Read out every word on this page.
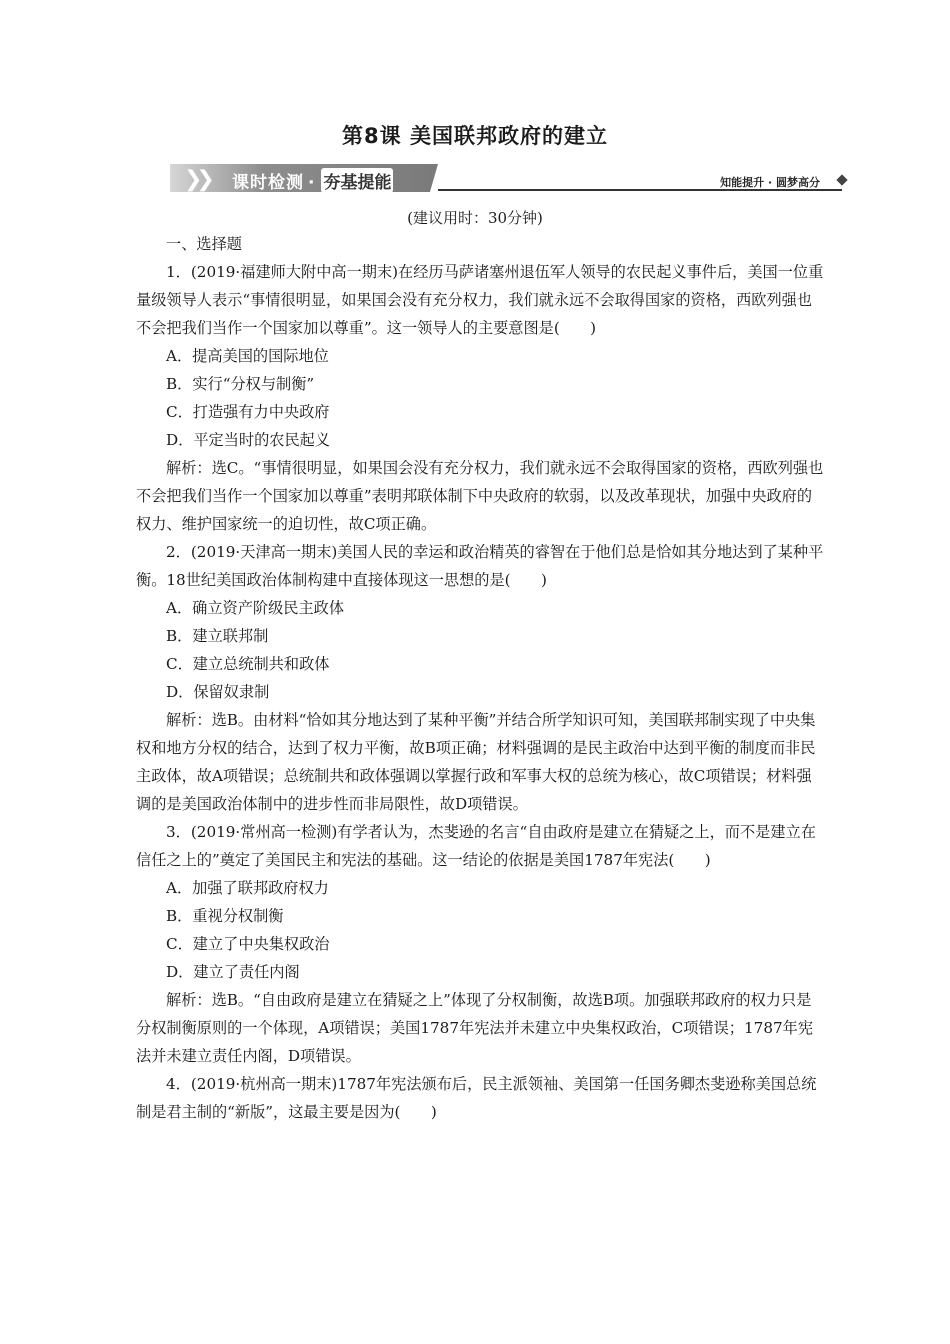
第8课 美国联邦政府的建立
❯❯ 课时检测 · 夯基提能	知能提升 · 圆梦高分
(建议用时：30分钟)

一、选择题

1．(2019·福建师大附中高一期末)在经历马萨诸塞州退伍军人领导的农民起义事件后，美国一位重量级领导人表示“事情很明显，如果国会没有充分权力，我们就永远不会取得国家的资格，西欧列强也不会把我们当作一个国家加以尊重”。这一领导人的主要意图是(　　)

A．提高美国的国际地位

B．实行“分权与制衡”

C．打造强有力中央政府

D．平定当时的农民起义

解析：选C。“事情很明显，如果国会没有充分权力，我们就永远不会取得国家的资格，西欧列强也不会把我们当作一个国家加以尊重”表明邦联体制下中央政府的软弱，以及改革现状，加强中央政府的权力、维护国家统一的迫切性，故C项正确。

2．(2019·天津高一期末)美国人民的幸运和政治精英的睿智在于他们总是恰如其分地达到了某种平衡。18世纪美国政治体制构建中直接体现这一思想的是(　　)

A．确立资产阶级民主政体

B．建立联邦制

C．建立总统制共和政体

D．保留奴隶制

解析：选B。由材料“恰如其分地达到了某种平衡”并结合所学知识可知，美国联邦制实现了中央集权和地方分权的结合，达到了权力平衡，故B项正确；材料强调的是民主政治中达到平衡的制度而非民主政体，故A项错误；总统制共和政体强调以掌握行政和军事大权的总统为核心，故C项错误；材料强调的是美国政治体制中的进步性而非局限性，故D项错误。

3．(2019·常州高一检测)有学者认为，杰斐逊的名言“自由政府是建立在猜疑之上，而不是建立在信任之上的”奠定了美国民主和宪法的基础。这一结论的依据是美国1787年宪法(　　)

A．加强了联邦政府权力

B．重视分权制衡

C．建立了中央集权政治

D．建立了责任内阁

解析：选B。“自由政府是建立在猜疑之上”体现了分权制衡，故选B项。加强联邦政府的权力只是分权制衡原则的一个体现，A项错误；美国1787年宪法并未建立中央集权政治，C项错误；1787年宪法并未建立责任内阁，D项错误。

4．(2019·杭州高一期末)1787年宪法颁布后，民主派领袖、美国第一任国务卿杰斐逊称美国总统制是君主制的“新版”，这最主要是因为(　　)
